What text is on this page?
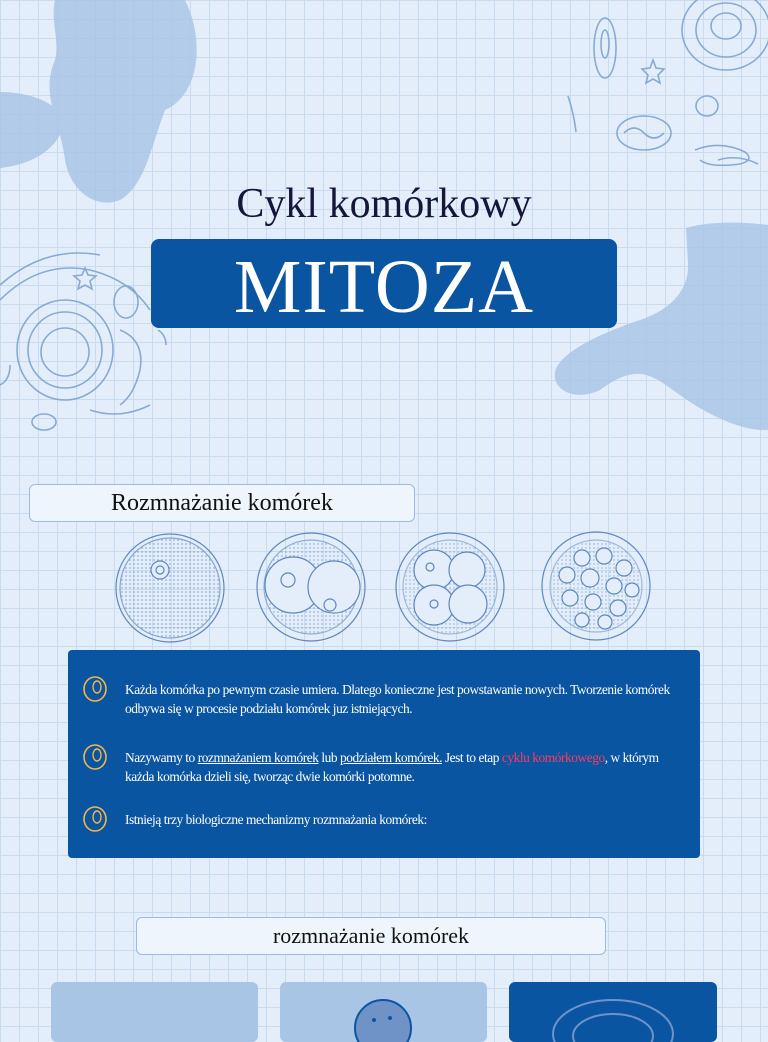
Cykl komórkowy
MITOZA
Rozmnażanie komórek
Każda komórka po pewnym czasie umiera. Dlatego konieczne jest powstawanie nowych. Tworzenie komórek odbywa się w procesie podziału komórek juz istniejących.
Nazywamy to rozmnażaniem komórek lub podziałem komórek. Jest to etap cyklu komórkowego, w którym każda komórka dzieli się, tworząc dwie komórki potomne.
Istnieją trzy biologiczne mechanizmy rozmnażania komórek:
rozmnażanie komórek
